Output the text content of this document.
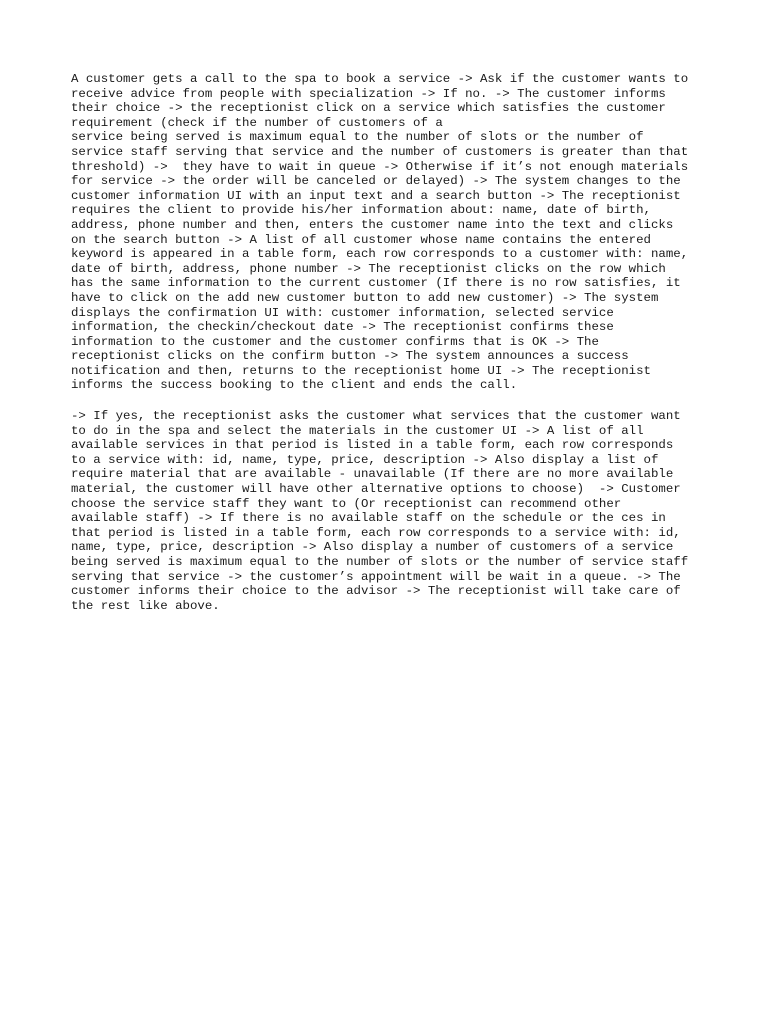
A customer gets a call to the spa to book a service -> Ask if the customer wants to
receive advice from people with specialization -> If no. -> The customer informs
their choice -> the receptionist click on a service which satisfies the customer
requirement (check if the number of customers of a
service being served is maximum equal to the number of slots or the number of
service staff serving that service and the number of customers is greater than that
threshold) ->  they have to wait in queue -> Otherwise if it’s not enough materials
for service -> the order will be canceled or delayed) -> The system changes to the
customer information UI with an input text and a search button -> The receptionist
requires the client to provide his/her information about: name, date of birth,
address, phone number and then, enters the customer name into the text and clicks
on the search button -> A list of all customer whose name contains the entered
keyword is appeared in a table form, each row corresponds to a customer with: name,
date of birth, address, phone number -> The receptionist clicks on the row which
has the same information to the current customer (If there is no row satisfies, it
have to click on the add new customer button to add new customer) -> The system
displays the confirmation UI with: customer information, selected service
information, the checkin/checkout date -> The receptionist confirms these
information to the customer and the customer confirms that is OK -> The
receptionist clicks on the confirm button -> The system announces a success
notification and then, returns to the receptionist home UI -> The receptionist
informs the success booking to the client and ends the call.
-> If yes, the receptionist asks the customer what services that the customer want
to do in the spa and select the materials in the customer UI -> A list of all
available services in that period is listed in a table form, each row corresponds
to a service with: id, name, type, price, description -> Also display a list of
require material that are available - unavailable (If there are no more available
material, the customer will have other alternative options to choose)  -> Customer
choose the service staff they want to (Or receptionist can recommend other
available staff) -> If there is no available staff on the schedule or the ces in
that period is listed in a table form, each row corresponds to a service with: id,
name, type, price, description -> Also display a number of customers of a service
being served is maximum equal to the number of slots or the number of service staff
serving that service -> the customer’s appointment will be wait in a queue. -> The
customer informs their choice to the advisor -> The receptionist will take care of
the rest like above.
